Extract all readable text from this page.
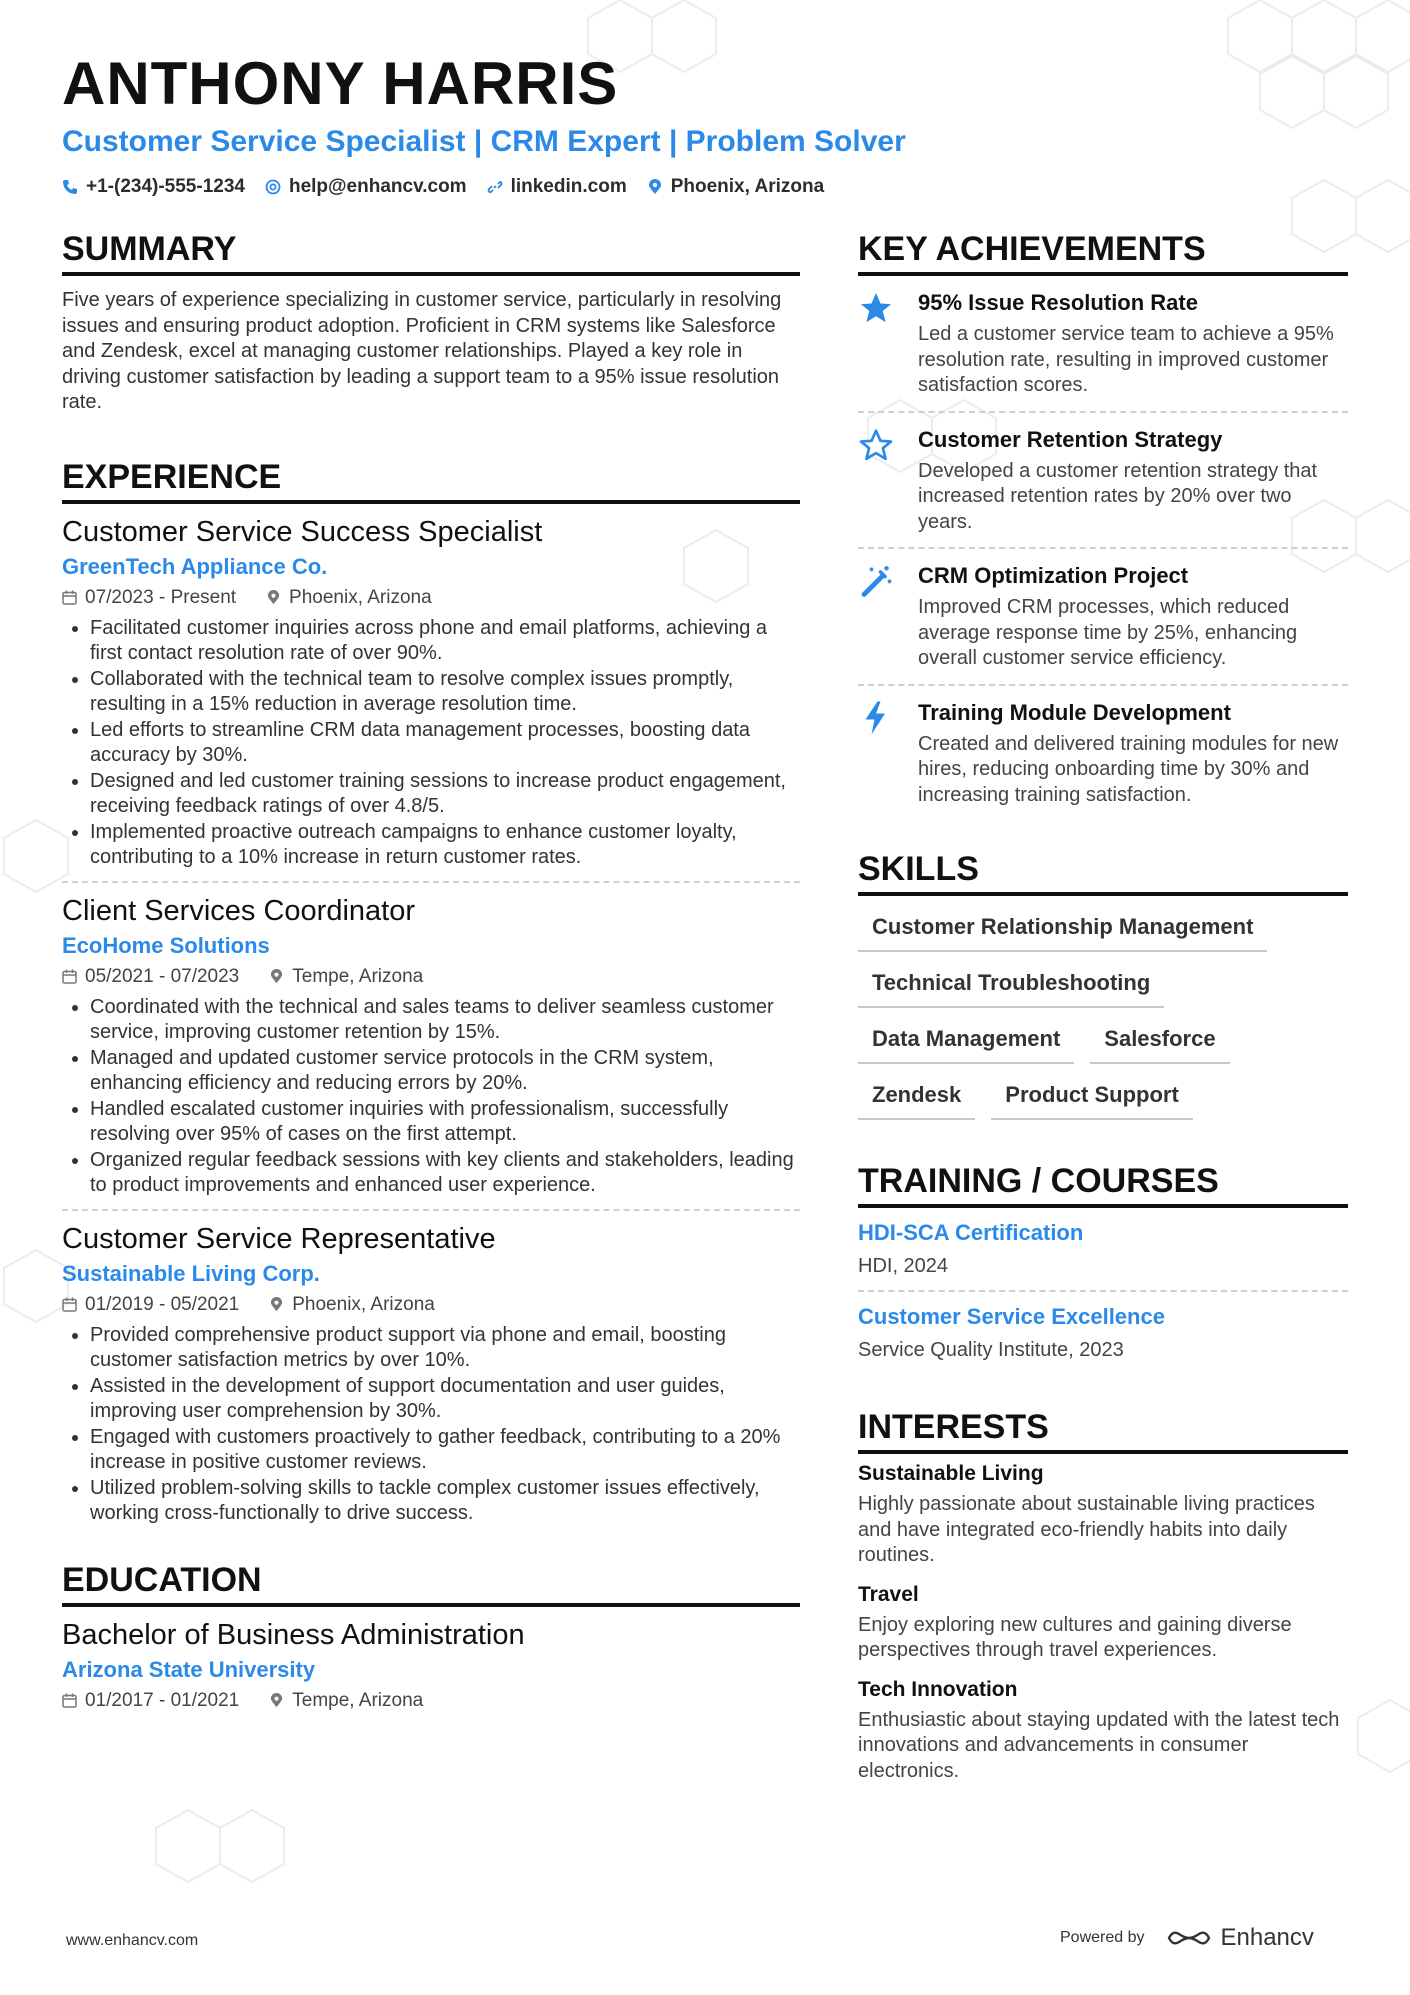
ANTHONY HARRIS
Customer Service Specialist | CRM Expert | Problem Solver
+1-(234)-555-1234 help@enhancv.com linkedin.com Phoenix, Arizona
SUMMARY
Five years of experience specializing in customer service, particularly in resolving issues and ensuring product adoption. Proficient in CRM systems like Salesforce and Zendesk, excel at managing customer relationships. Played a key role in driving customer satisfaction by leading a support team to a 95% issue resolution rate.
EXPERIENCE
Customer Service Success Specialist
GreenTech Appliance Co.
07/2023 - Present	Phoenix, Arizona
• Facilitated customer inquiries across phone and email platforms, achieving a first contact resolution rate of over 90%.
• Collaborated with the technical team to resolve complex issues promptly, resulting in a 15% reduction in average resolution time.
• Led efforts to streamline CRM data management processes, boosting data accuracy by 30%.
• Designed and led customer training sessions to increase product engagement, receiving feedback ratings of over 4.8/5.
• Implemented proactive outreach campaigns to enhance customer loyalty, contributing to a 10% increase in return customer rates.
Client Services Coordinator
EcoHome Solutions
05/2021 - 07/2023	Tempe, Arizona
• Coordinated with the technical and sales teams to deliver seamless customer service, improving customer retention by 15%.
• Managed and updated customer service protocols in the CRM system, enhancing efficiency and reducing errors by 20%.
• Handled escalated customer inquiries with professionalism, successfully resolving over 95% of cases on the first attempt.
• Organized regular feedback sessions with key clients and stakeholders, leading to product improvements and enhanced user experience.
Customer Service Representative
Sustainable Living Corp.
01/2019 - 05/2021	Phoenix, Arizona
• Provided comprehensive product support via phone and email, boosting customer satisfaction metrics by over 10%.
• Assisted in the development of support documentation and user guides, improving user comprehension by 30%.
• Engaged with customers proactively to gather feedback, contributing to a 20% increase in positive customer reviews.
• Utilized problem-solving skills to tackle complex customer issues effectively, working cross-functionally to drive success.
EDUCATION
Bachelor of Business Administration
Arizona State University
01/2017 - 01/2021	Tempe, Arizona
KEY ACHIEVEMENTS
95% Issue Resolution Rate
Led a customer service team to achieve a 95% resolution rate, resulting in improved customer satisfaction scores.
Customer Retention Strategy
Developed a customer retention strategy that increased retention rates by 20% over two years.
CRM Optimization Project
Improved CRM processes, which reduced average response time by 25%, enhancing overall customer service efficiency.
Training Module Development
Created and delivered training modules for new hires, reducing onboarding time by 30% and increasing training satisfaction.
SKILLS
Customer Relationship Management
Technical Troubleshooting
Data Management	Salesforce
Zendesk	Product Support
TRAINING / COURSES
HDI-SCA Certification
HDI, 2024
Customer Service Excellence
Service Quality Institute, 2023
INTERESTS
Sustainable Living
Highly passionate about sustainable living practices and have integrated eco-friendly habits into daily routines.
Travel
Enjoy exploring new cultures and gaining diverse perspectives through travel experiences.
Tech Innovation
Enthusiastic about staying updated with the latest tech innovations and advancements in consumer electronics.
www.enhancv.com	Powered by	Enhancv
